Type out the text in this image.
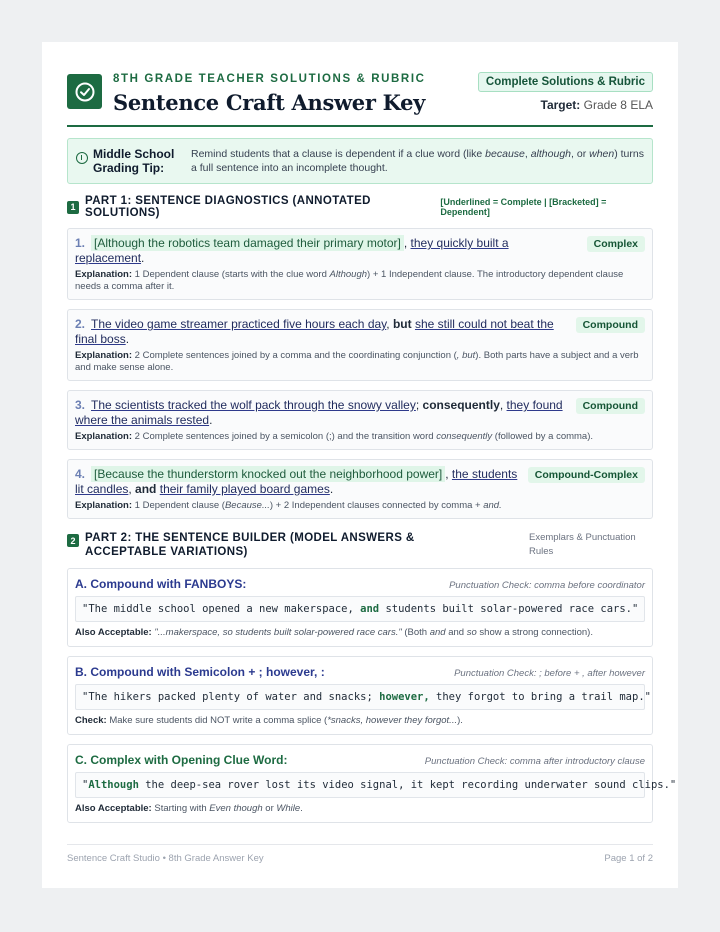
8TH GRADE TEACHER SOLUTIONS & RUBRIC
Sentence Craft Answer Key
Complete Solutions & Rubric
Target: Grade 8 ELA
Middle School Grading Tip:
Remind students that a clause is dependent if a clue word (like because, although, or when) turns a full sentence into an incomplete thought.
1 PART 1: SENTENCE DIAGNOSTICS (ANNOTATED SOLUTIONS)
[Underlined = Complete | [Bracketed] = Dependent]
1. [Although the robotics team damaged their primary motor] , they quickly built a replacement.
Complex
Explanation: 1 Dependent clause (starts with the clue word Although) + 1 Independent clause. The introductory dependent clause needs a comma after it.
2. The video game streamer practiced five hours each day, but she still could not beat the final boss.
Compound
Explanation: 2 Complete sentences joined by a comma and the coordinating conjunction (, but). Both parts have a subject and a verb and make sense alone.
3. The scientists tracked the wolf pack through the snowy valley; consequently, they found where the animals rested.
Compound
Explanation: 2 Complete sentences joined by a semicolon (;) and the transition word consequently (followed by a comma).
4. [Because the thunderstorm knocked out the neighborhood power] , the students lit candles, and their family played board games.
Compound-Complex
Explanation: 1 Dependent clause (Because...) + 2 Independent clauses connected by comma + and.
2 PART 2: THE SENTENCE BUILDER (MODEL ANSWERS & ACCEPTABLE VARIATIONS)
Exemplars & Punctuation Rules
A. Compound with FANBOYS:	Punctuation Check: comma before coordinator
"The middle school opened a new makerspace, and students built solar-powered race cars."
Also Acceptable: "...makerspace, so students built solar-powered race cars." (Both and and so show a strong connection).
B. Compound with Semicolon + ; however, :	Punctuation Check: ; before + , after however
"The hikers packed plenty of water and snacks; however, they forgot to bring a trail map."
Check: Make sure students did NOT write a comma splice (*snacks, however they forgot...).
C. Complex with Opening Clue Word:	Punctuation Check: comma after introductory clause
"Although the deep-sea rover lost its video signal, it kept recording underwater sound clips."
Also Acceptable: Starting with Even though or While.
Sentence Craft Studio • 8th Grade Answer Key	Page 1 of 2
